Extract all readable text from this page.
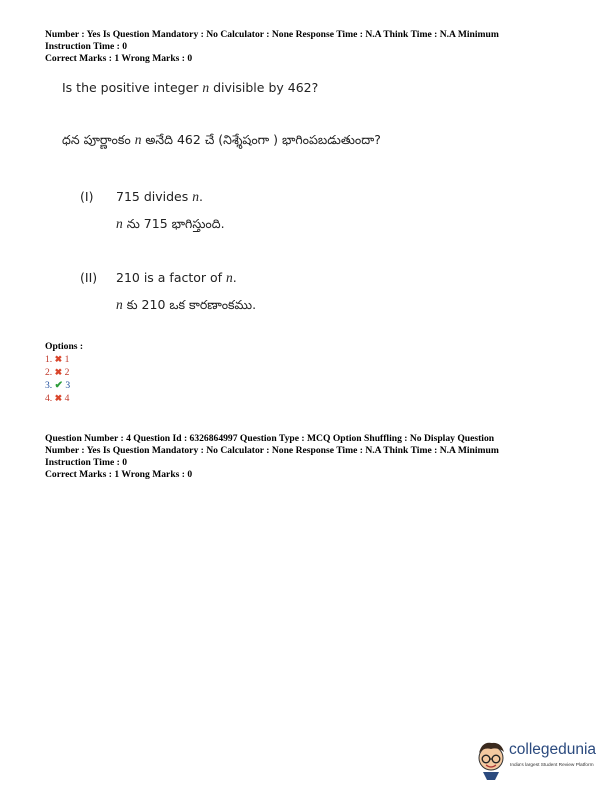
Number : Yes Is Question Mandatory : No Calculator : None Response Time : N.A Think Time : N.A Minimum
Instruction Time : 0
Correct Marks : 1 Wrong Marks : 0
Is the positive integer n divisible by 462?
ధన పూర్ణాంకం n అనేది 462 చే (నిశ్శేషంగా ) భాగింపబడుతుందా?
(I) 715 divides n.
n ను 715 భాగిస్తుంది.
(II) 210 is a factor of n.
n కు 210 ఒక కారణాంకము.
Options :
1. ✖ 1
2. ✖ 2
3. ✔ 3
4. ✖ 4
Question Number : 4 Question Id : 6326864997 Question Type : MCQ Option Shuffling : No Display Question
Number : Yes Is Question Mandatory : No Calculator : None Response Time : N.A Think Time : N.A Minimum
Instruction Time : 0
Correct Marks : 1 Wrong Marks : 0
collegedunia
India's largest Student Review Platform
